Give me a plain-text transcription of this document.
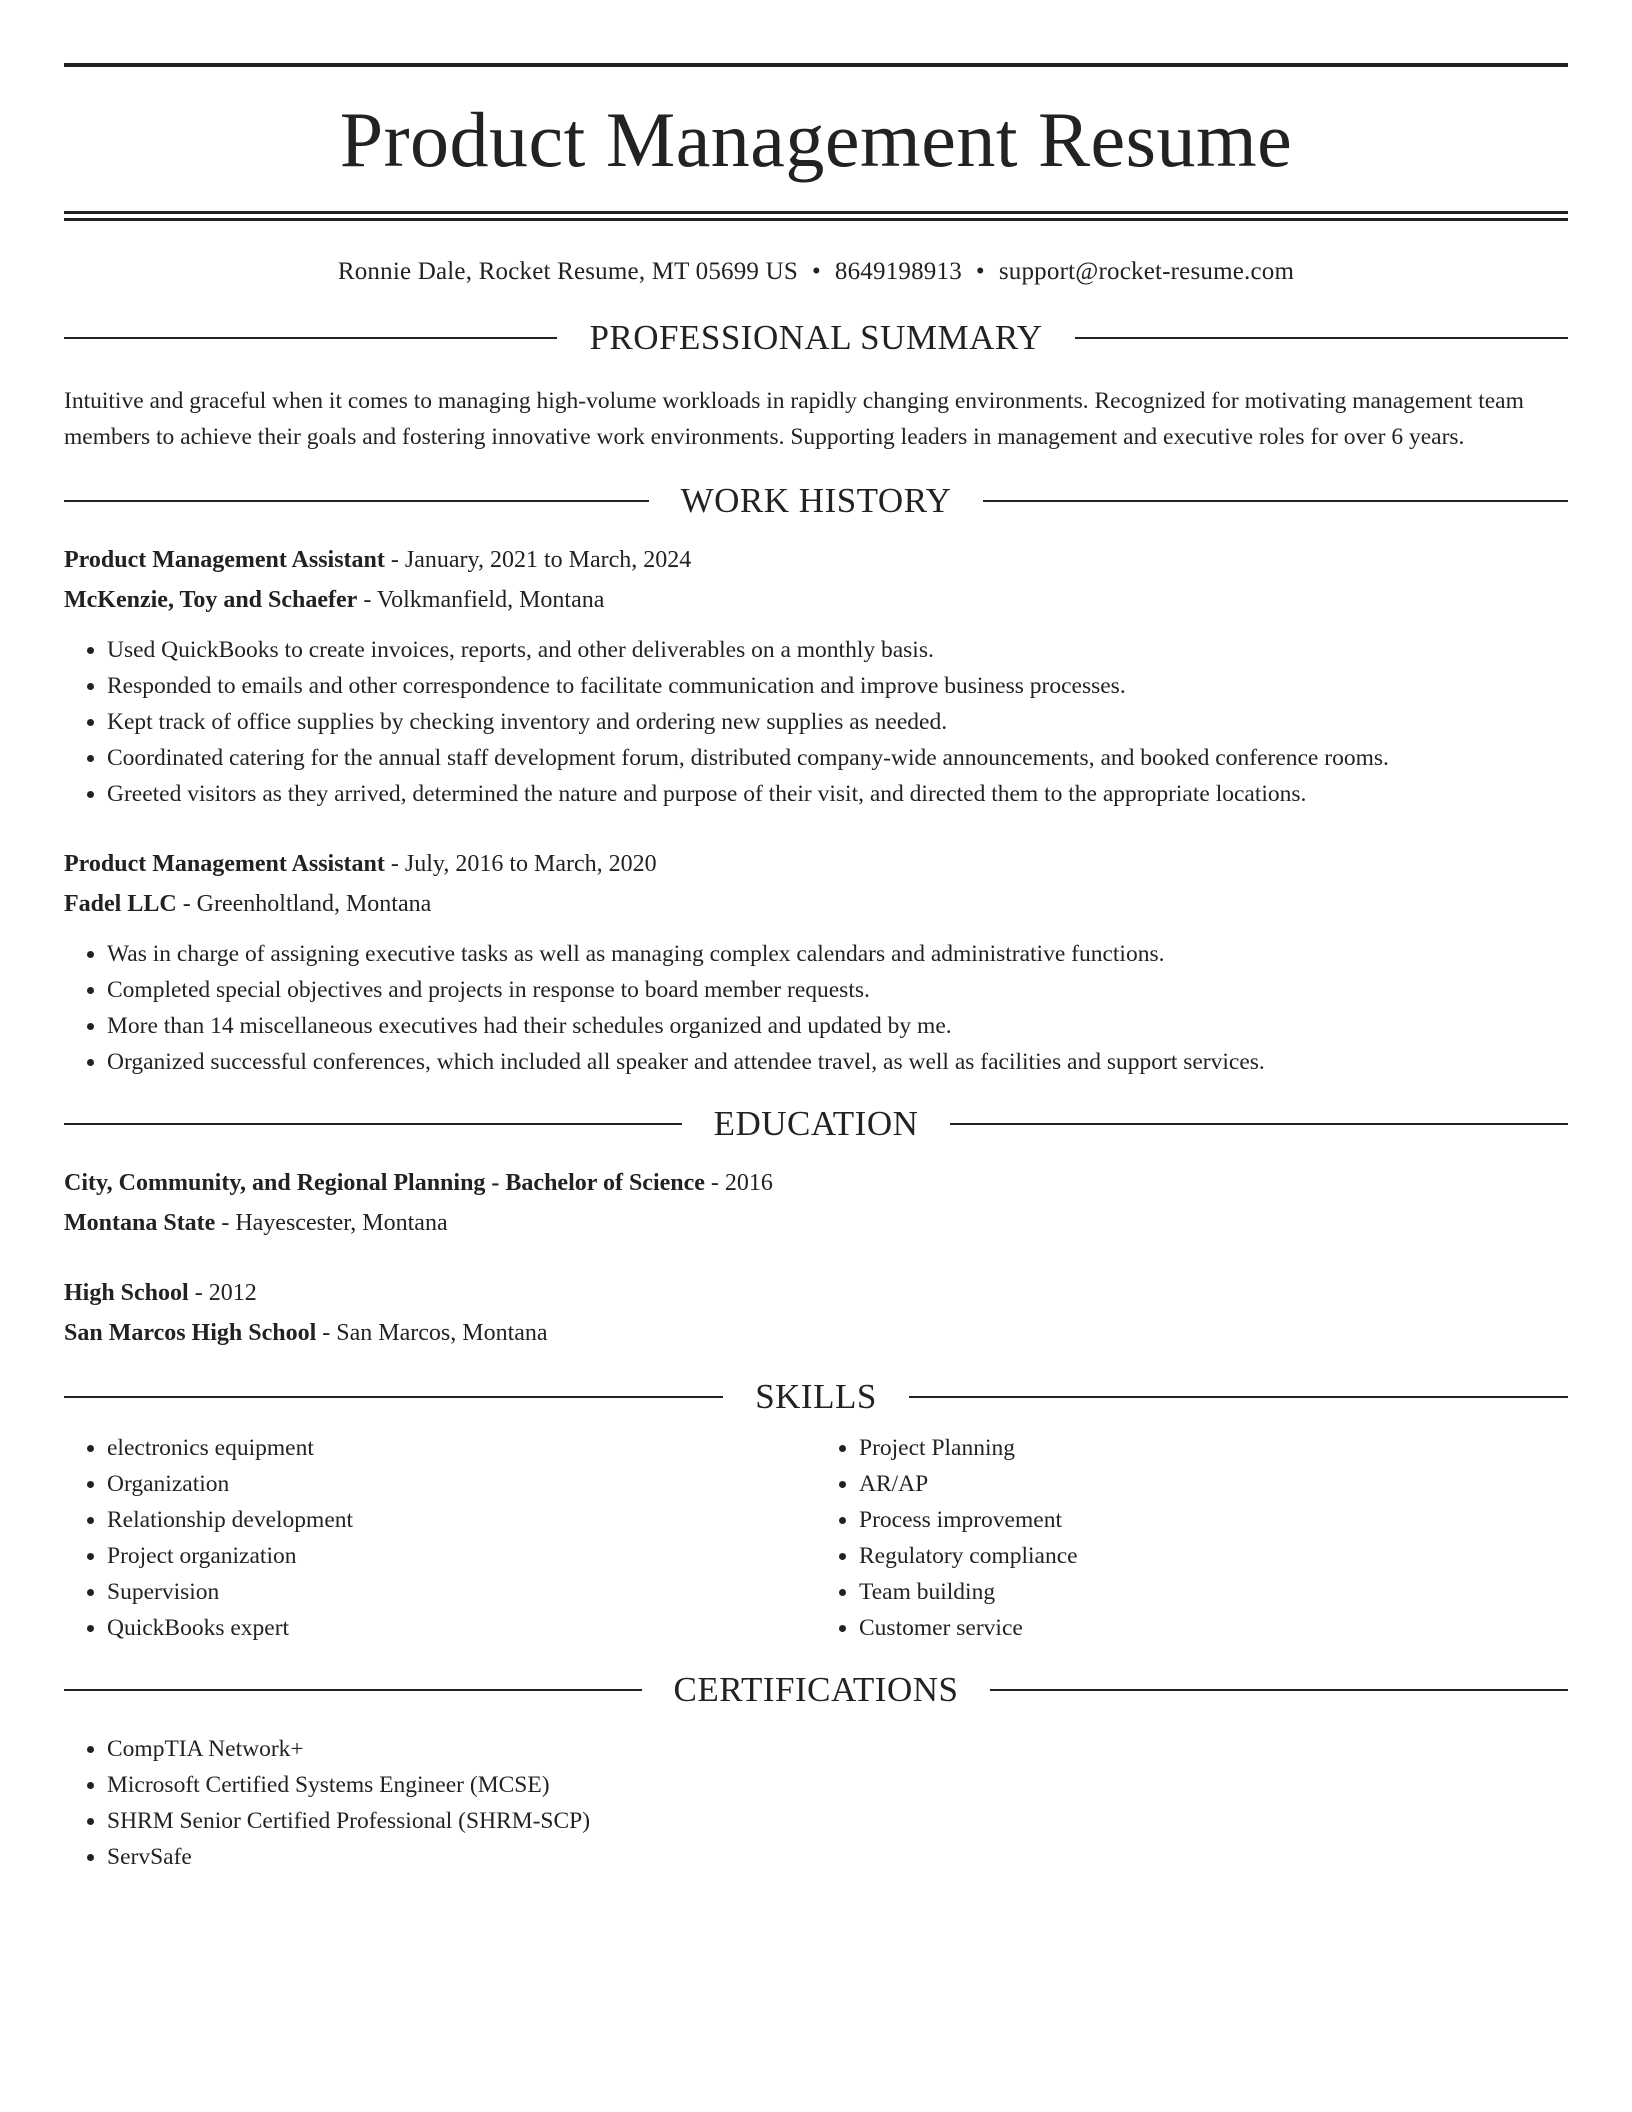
Product Management Resume
Ronnie Dale, Rocket Resume, MT 05699 US • 8649198913 • support@rocket-resume.com
PROFESSIONAL SUMMARY

Intuitive and graceful when it comes to managing high-volume workloads in rapidly changing environments. Recognized for motivating management team members to achieve their goals and fostering innovative work environments. Supporting leaders in management and executive roles for over 6 years.

WORK HISTORY

Product Management Assistant - January, 2021 to March, 2024

McKenzie, Toy and Schaefer - Volkmanfield, Montana

• Used QuickBooks to create invoices, reports, and other deliverables on a monthly basis.
• Responded to emails and other correspondence to facilitate communication and improve business processes.
• Kept track of office supplies by checking inventory and ordering new supplies as needed.
• Coordinated catering for the annual staff development forum, distributed company-wide announcements, and booked conference rooms.
• Greeted visitors as they arrived, determined the nature and purpose of their visit, and directed them to the appropriate locations.

Product Management Assistant - July, 2016 to March, 2020

Fadel LLC - Greenholtland, Montana

• Was in charge of assigning executive tasks as well as managing complex calendars and administrative functions.
• Completed special objectives and projects in response to board member requests.
• More than 14 miscellaneous executives had their schedules organized and updated by me.
• Organized successful conferences, which included all speaker and attendee travel, as well as facilities and support services.
EDUCATION

City, Community, and Regional Planning - Bachelor of Science - 2016

Montana State - Hayescester, Montana

High School - 2012

San Marcos High School - San Marcos, Montana

SKILLS
• electronics equipment
• Organization
• Relationship development
• Project organization
• Supervision
• QuickBooks expert
• Project Planning
• AR/AP
• Process improvement
• Regulatory compliance
• Team building
• Customer service
CERTIFICATIONS
• CompTIA Network+
• Microsoft Certified Systems Engineer (MCSE)
• SHRM Senior Certified Professional (SHRM-SCP)
• ServSafe
